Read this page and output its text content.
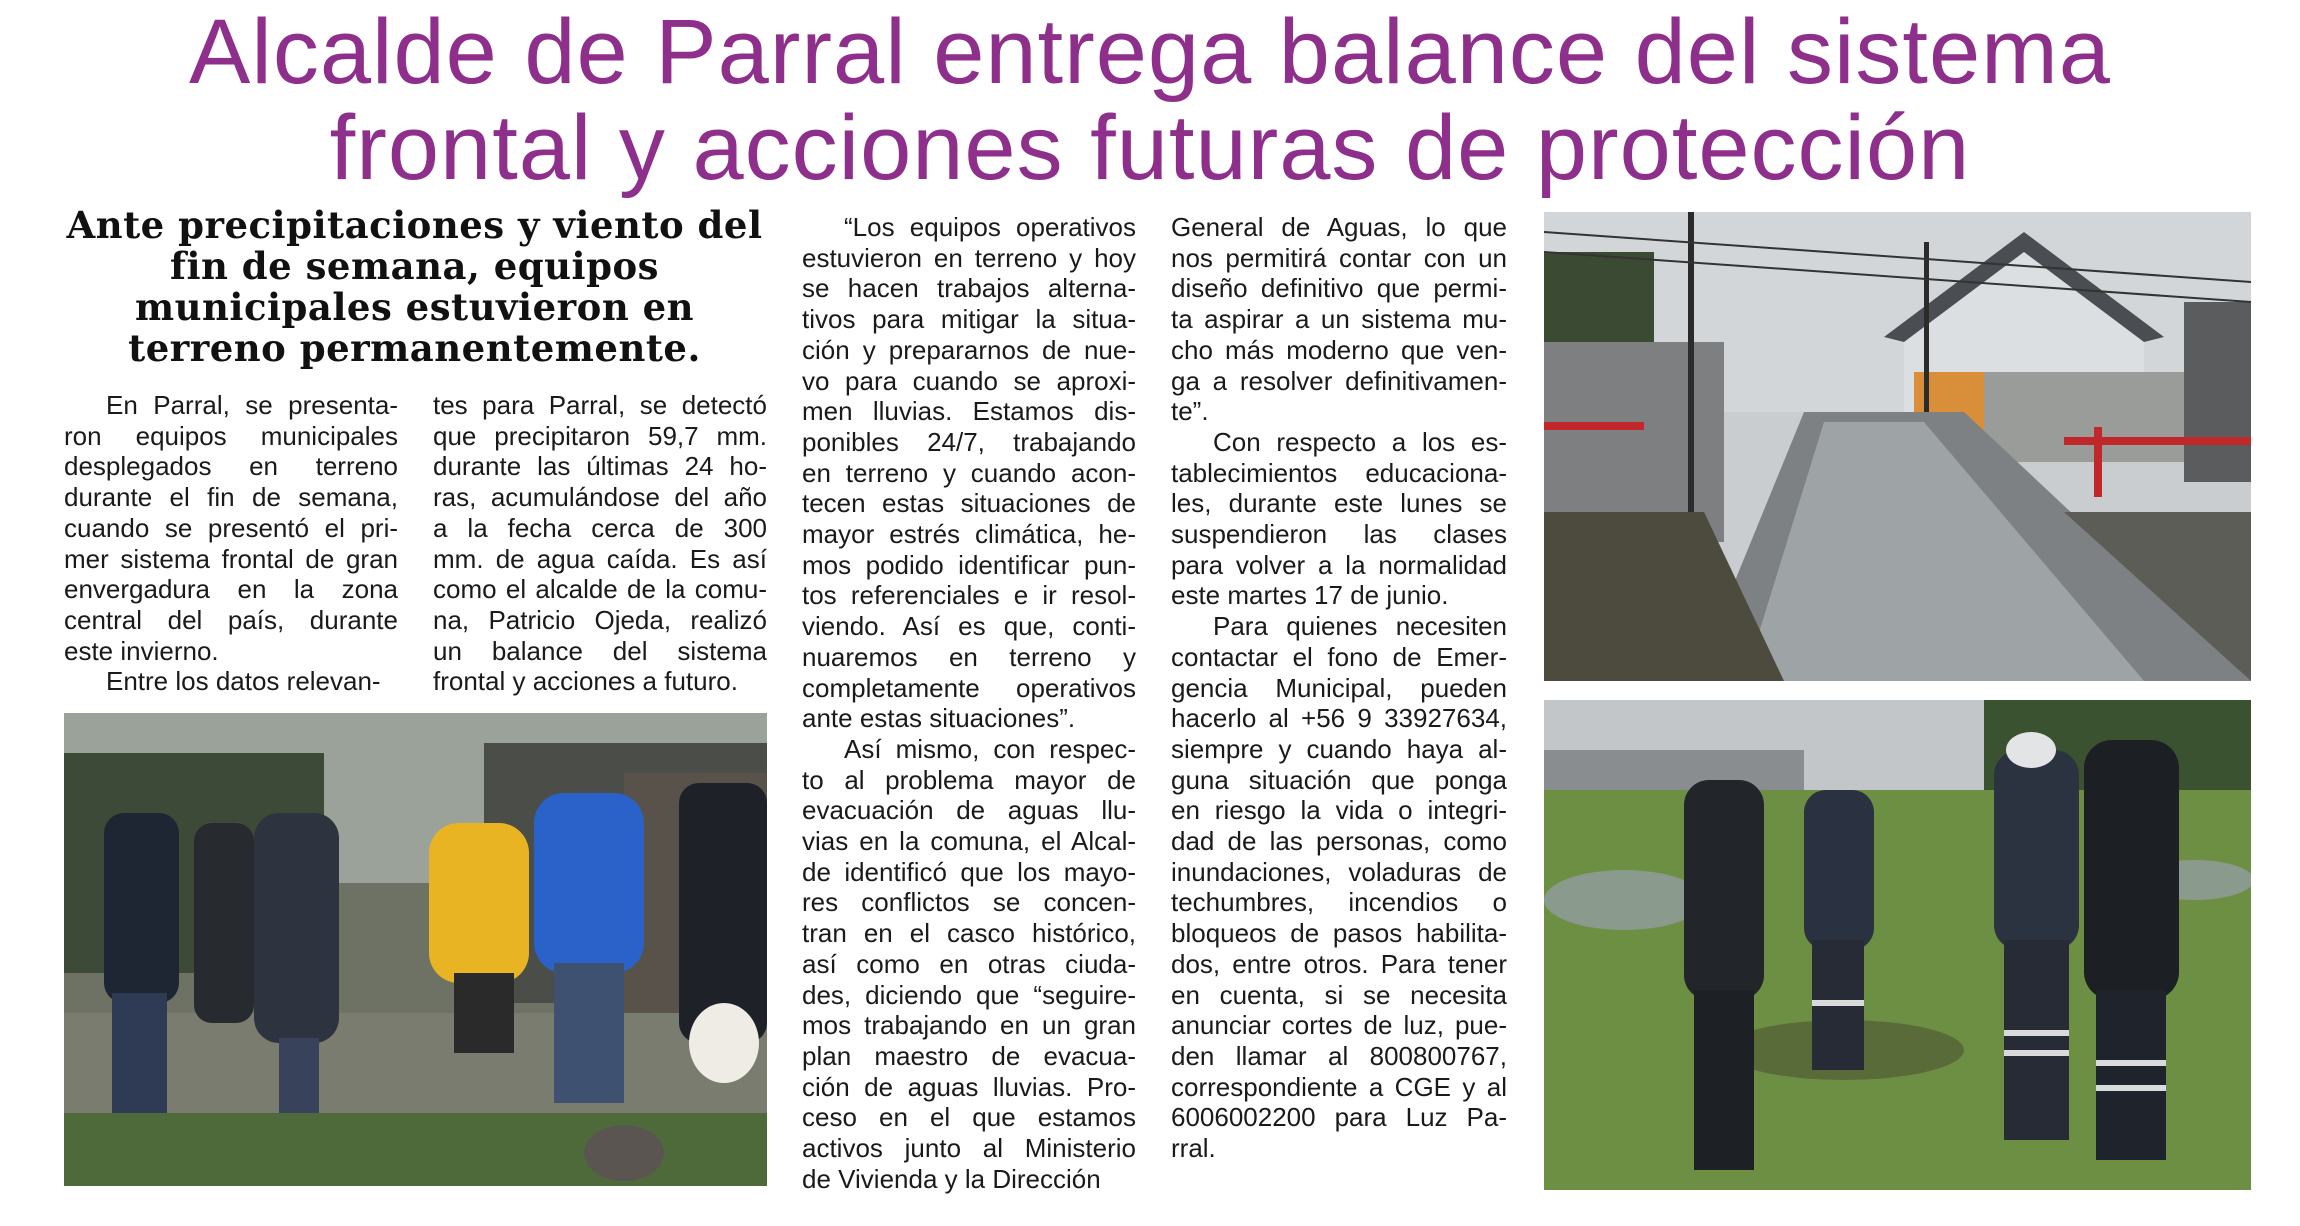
Alcalde de Parral entrega balance del sistema
frontal y acciones futuras de protección
Ante precipitaciones y viento del
fin de semana, equipos
municipales estuvieron en
terreno permanentemente.
En Parral, se presenta-
ron equipos municipales
desplegados en terreno
durante el fin de semana,
cuando se presentó el pri-
mer sistema frontal de gran
envergadura en la zona
central del país, durante
este invierno.
Entre los datos relevan-
tes para Parral, se detectó
que precipitaron 59,7 mm.
durante las últimas 24 ho-
ras, acumulándose del año
a la fecha cerca de 300
mm. de agua caída. Es así
como el alcalde de la comu-
na, Patricio Ojeda, realizó
un balance del sistema
frontal y acciones a futuro.
“Los equipos operativos
estuvieron en terreno y hoy
se hacen trabajos alterna-
tivos para mitigar la situa-
ción y prepararnos de nue-
vo para cuando se aproxi-
men lluvias. Estamos dis-
ponibles 24/7, trabajando
en terreno y cuando acon-
tecen estas situaciones de
mayor estrés climática, he-
mos podido identificar pun-
tos referenciales e ir resol-
viendo. Así es que, conti-
nuaremos en terreno y
completamente operativos
ante estas situaciones”.
Así mismo, con respec-
to al problema mayor de
evacuación de aguas llu-
vias en la comuna, el Alcal-
de identificó que los mayo-
res conflictos se concen-
tran en el casco histórico,
así como en otras ciuda-
des, diciendo que “seguire-
mos trabajando en un gran
plan maestro de evacua-
ción de aguas lluvias. Pro-
ceso en el que estamos
activos junto al Ministerio
de Vivienda y la Dirección
General de Aguas, lo que
nos permitirá contar con un
diseño definitivo que permi-
ta aspirar a un sistema mu-
cho más moderno que ven-
ga a resolver definitivamen-
te”.
Con respecto a los es-
tablecimientos educaciona-
les, durante este lunes se
suspendieron las clases
para volver a la normalidad
este martes 17 de junio.
Para quienes necesiten
contactar el fono de Emer-
gencia Municipal, pueden
hacerlo al +56 9 33927634,
siempre y cuando haya al-
guna situación que ponga
en riesgo la vida o integri-
dad de las personas, como
inundaciones, voladuras de
techumbres, incendios o
bloqueos de pasos habilita-
dos, entre otros. Para tener
en cuenta, si se necesita
anunciar cortes de luz, pue-
den llamar al 800800767,
correspondiente a CGE y al
6006002200 para Luz Pa-
rral.
